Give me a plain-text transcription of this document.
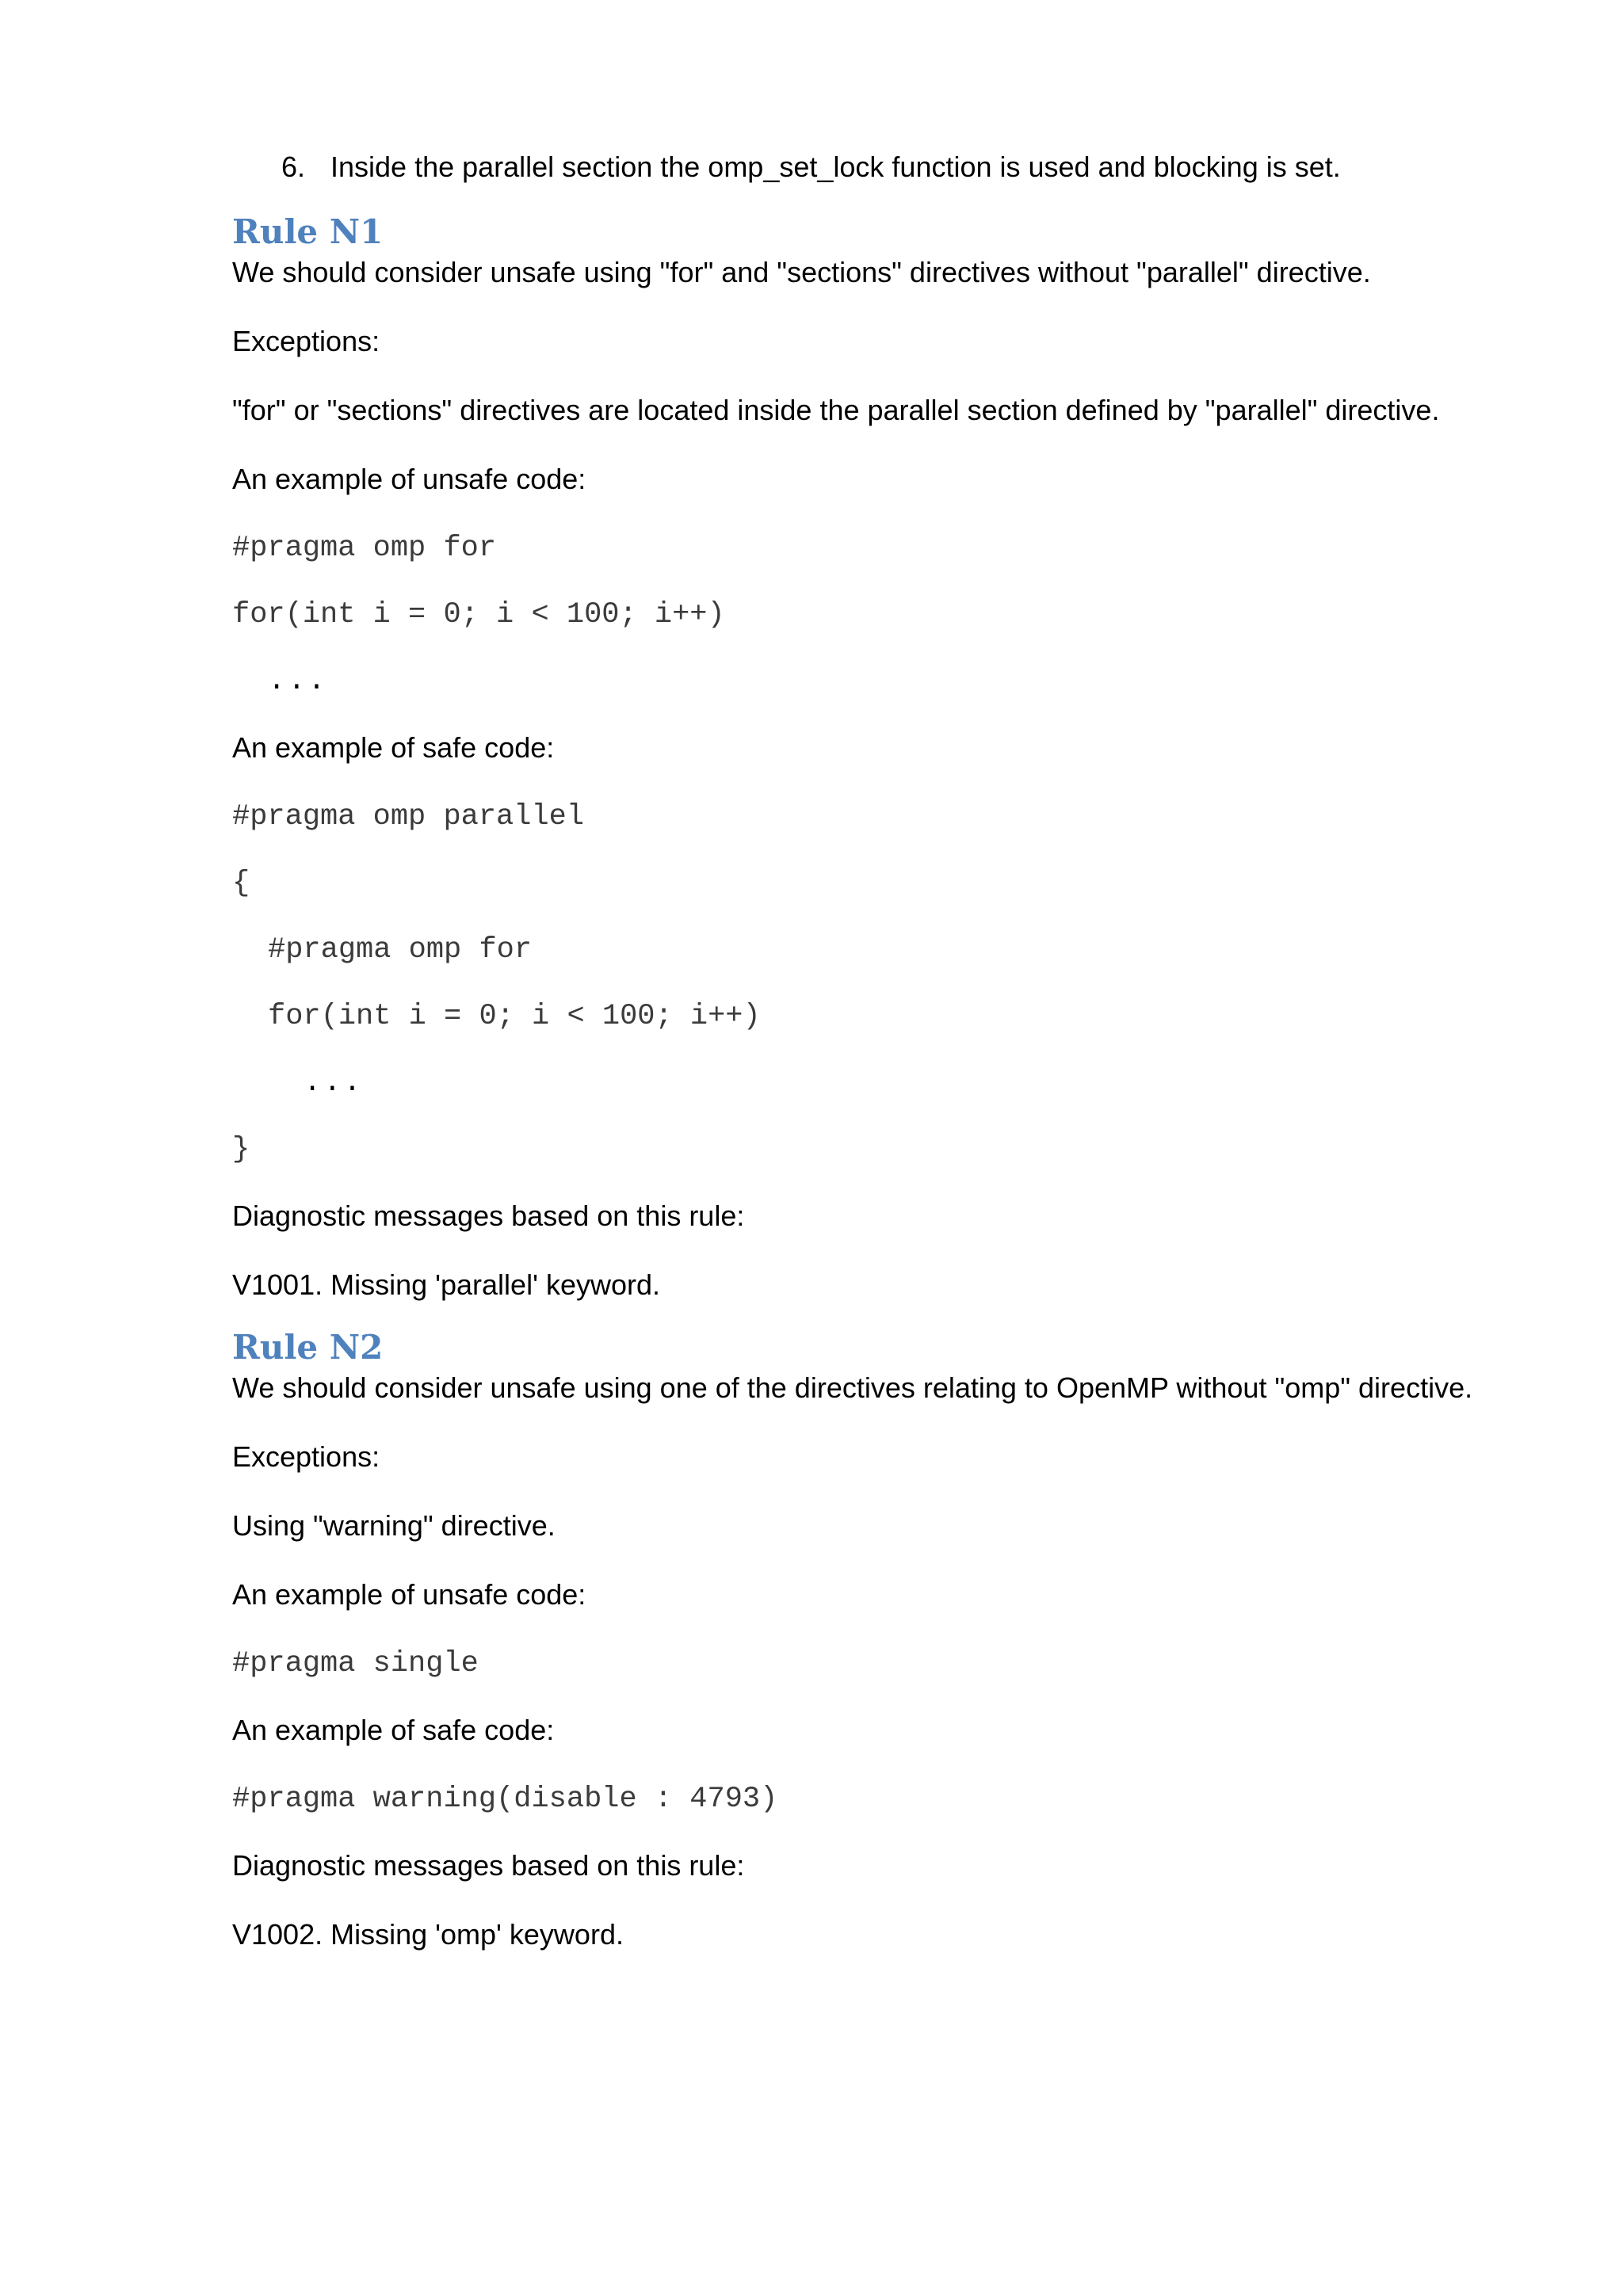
6. Inside the parallel section the omp_set_lock function is used and blocking is set.
Rule N1

We should consider unsafe using "for" and "sections" directives without "parallel" directive.

Exceptions:

"for" or "sections" directives are located inside the parallel section defined by "parallel" directive.

An example of unsafe code:

#pragma omp for
for(int i = 0; i < 100; i++)
...

An example of safe code:

#pragma omp parallel
{
#pragma omp for
for(int i = 0; i < 100; i++)
...
}

Diagnostic messages based on this rule:

V1001. Missing 'parallel' keyword.

Rule N2

We should consider unsafe using one of the directives relating to OpenMP without "omp" directive.

Exceptions:

Using "warning" directive.

An example of unsafe code:

#pragma single

An example of safe code:

#pragma warning(disable : 4793)

Diagnostic messages based on this rule:

V1002. Missing 'omp' keyword.
